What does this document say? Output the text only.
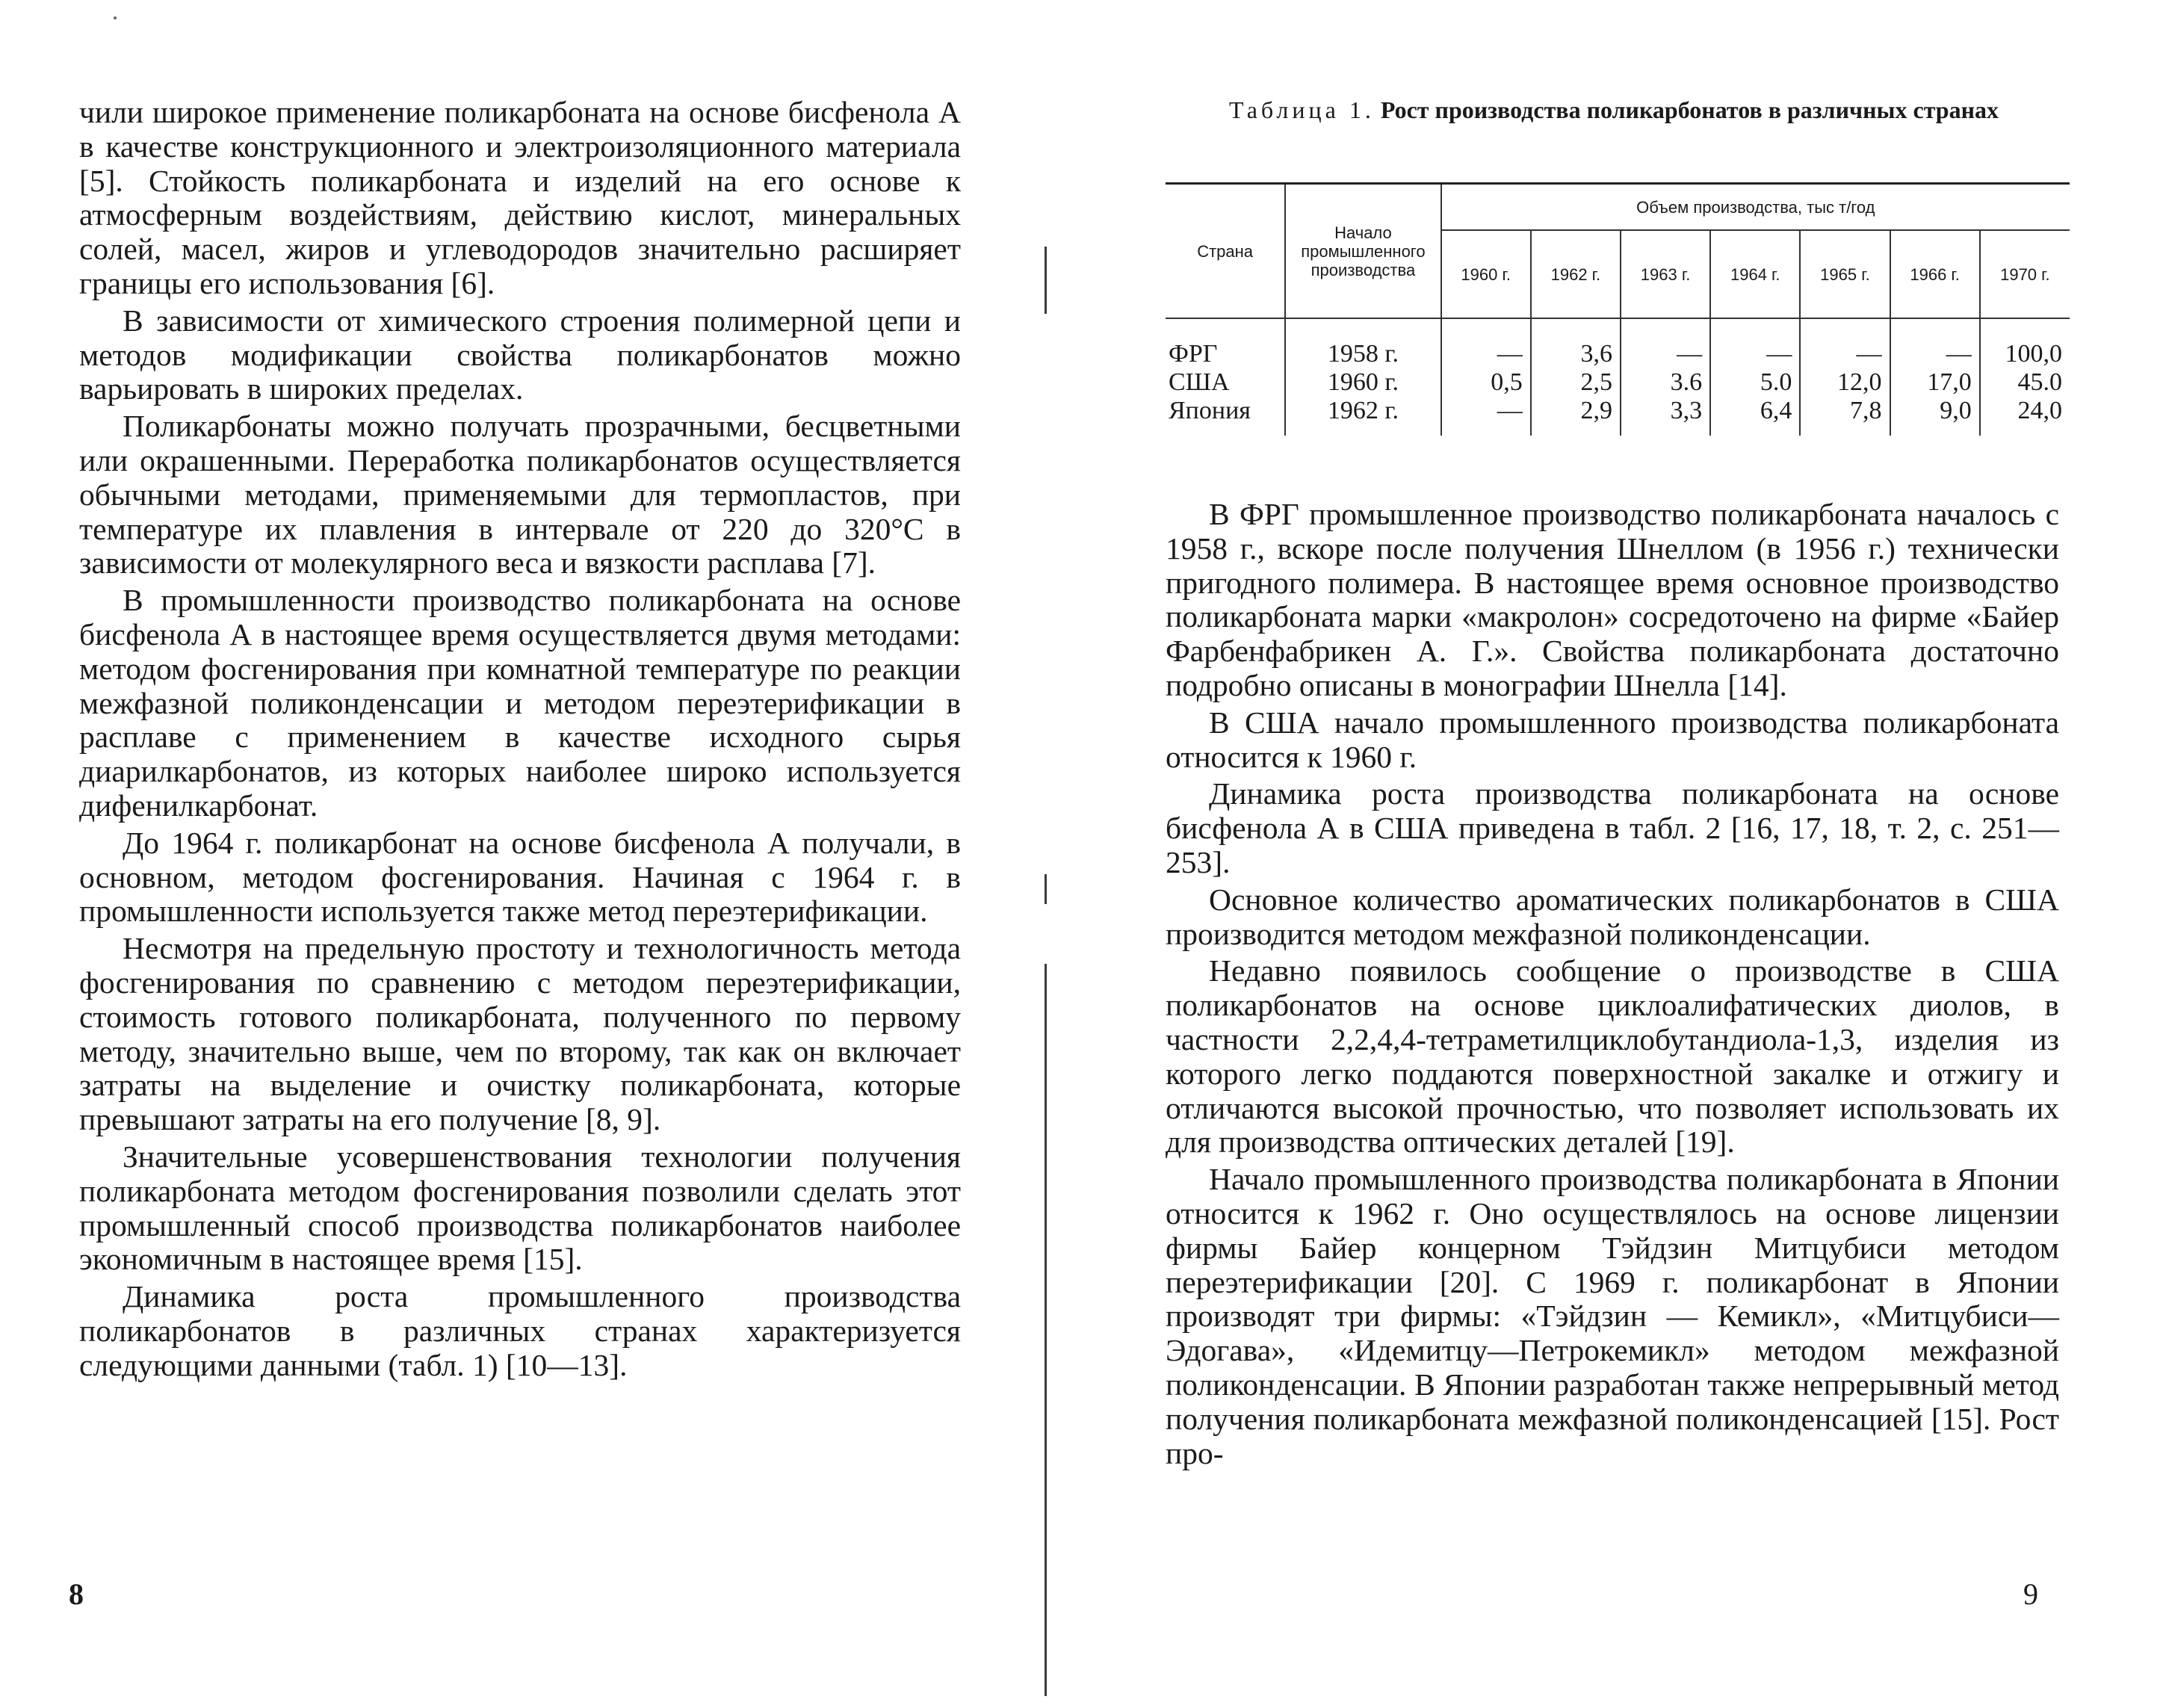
чили широкое применение поликарбоната на основе бисфенола А в качестве конструкционного и электроизоляционного материала [5]. Стойкость поликарбоната и изделий на его основе к атмосферным воздействиям, действию кислот, минеральных солей, масел, жиров и углеводородов значительно расширяет границы его использования [6].

В зависимости от химического строения полимерной цепи и методов модификации свойства поликарбонатов можно варьировать в широких пределах.

Поликарбонаты можно получать прозрачными, бесцветными или окрашенными. Переработка поликарбонатов осуществляется обычными методами, применяемыми для термопластов, при температуре их плавления в интервале от 220 до 320°С в зависимости от молекулярного веса и вязкости расплава [7].

В промышленности производство поликарбоната на основе бисфенола А в настоящее время осуществляется двумя методами: методом фосгенирования при комнатной температуре по реакции межфазной поликонденсации и методом переэтерификации в расплаве с применением в качестве исходного сырья диарилкарбонатов, из которых наиболее широко используется дифенилкарбонат.

До 1964 г. поликарбонат на основе бисфенола А получали, в основном, методом фосгенирования. Начиная с 1964 г. в промышленности используется также метод переэтерификации.

Несмотря на предельную простоту и технологичность метода фосгенирования по сравнению с методом переэтерификации, стоимость готового поликарбоната, полученного по первому методу, значительно выше, чем по второму, так как он включает затраты на выделение и очистку поликарбоната, которые превышают затраты на его получение [8, 9].

Значительные усовершенствования технологии получения поликарбоната методом фосгенирования позволили сделать этот промышленный способ производства поликарбонатов наиболее экономичным в настоящее время [15].

Динамика роста промышленного производства поликарбонатов в различных странах характеризуется следующими данными (табл. 1) [10—13].

8
Таблица 1. Рост производства поликарбонатов в различных странах
Страна	Начало промышленного производства	Объем производства, тыс т/год						
		1960 г.	1962 г.	1963 г.	1964 г.	1965 г.	1966 г.	1970 г.
ФРГ	1958 г.	—	3,6	—	—	—	—	100,0
США	1960 г.	0,5	2,5	3.6	5.0	12,0	17,0	45.0
Япония	1962 г.	—	2,9	3,3	6,4	7,8	9,0	24,0

В ФРГ промышленное производство поликарбоната началось с 1958 г., вскоре после получения Шнеллом (в 1956 г.) технически пригодного полимера. В настоящее время основное производство поликарбоната марки «макролон» сосредоточено на фирме «Байер Фарбенфабрикен А. Г.». Свойства поликарбоната достаточно подробно описаны в монографии Шнелла [14].

В США начало промышленного производства поликарбоната относится к 1960 г.

Динамика роста производства поликарбоната на основе бисфенола А в США приведена в табл. 2 [16, 17, 18, т. 2, с. 251—253].

Основное количество ароматических поликарбонатов в США производится методом межфазной поликонденсации.

Недавно появилось сообщение о производстве в США поликарбонатов на основе циклоалифатических диолов, в частности 2,2,4,4-тетраметилциклобутандиола-1,3, изделия из которого легко поддаются поверхностной закалке и отжигу и отличаются высокой прочностью, что позволяет использовать их для производства оптических деталей [19].

Начало промышленного производства поликарбоната в Японии относится к 1962 г. Оно осуществлялось на основе лицензии фирмы Байер концерном Тэйдзин Митцубиси методом переэтерификации [20]. С 1969 г. поликарбонат в Японии производят три фирмы: «Тэйдзин — Кемикл», «Митцубиси—Эдогава», «Идемитцу—Петрокемикл» методом межфазной поликонденсации. В Японии разработан также непрерывный метод получения поликарбоната межфазной поликонденсацией [15]. Рост про-

9
